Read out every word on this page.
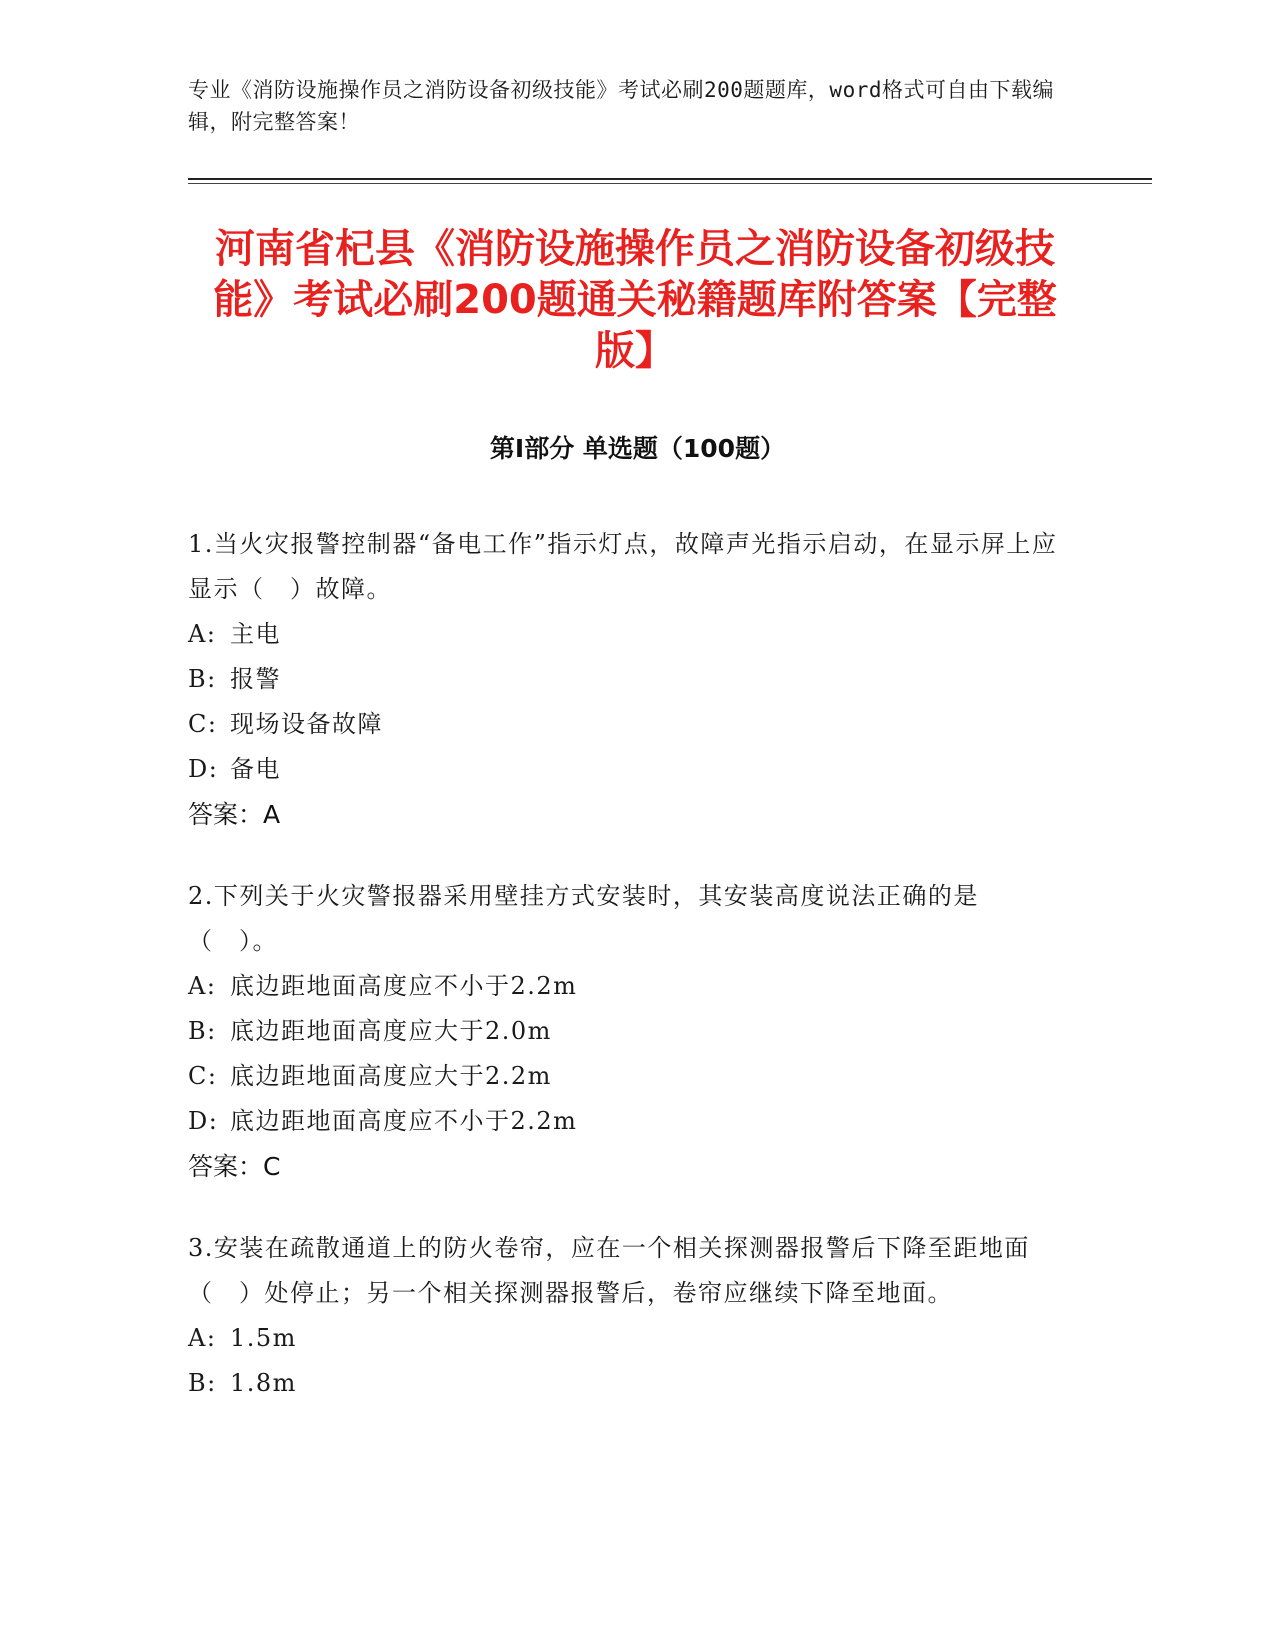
专业《消防设施操作员之消防设备初级技能》考试必刷200题题库，word格式可自由下载编辑，附完整答案！
河南省杞县《消防设施操作员之消防设备初级技能》考试必刷200题通关秘籍题库附答案【完整版】
第Ⅰ部分 单选题（100题）
1.当火灾报警控制器“备电工作”指示灯点，故障声光指示启动，在显示屏上应显示（　）故障。
A: 主电
B: 报警
C: 现场设备故障
D: 备电
答案：A
2.下列关于火灾警报器采用壁挂方式安装时，其安装高度说法正确的是（　）。
A: 底边距地面高度应不小于2.2m
B: 底边距地面高度应大于2.0m
C: 底边距地面高度应大于2.2m
D: 底边距地面高度应不小于2.2m
答案：C
3.安装在疏散通道上的防火卷帘，应在一个相关探测器报警后下降至距地面（　）处停止；另一个相关探测器报警后，卷帘应继续下降至地面。
A: 1.5m
B: 1.8m
